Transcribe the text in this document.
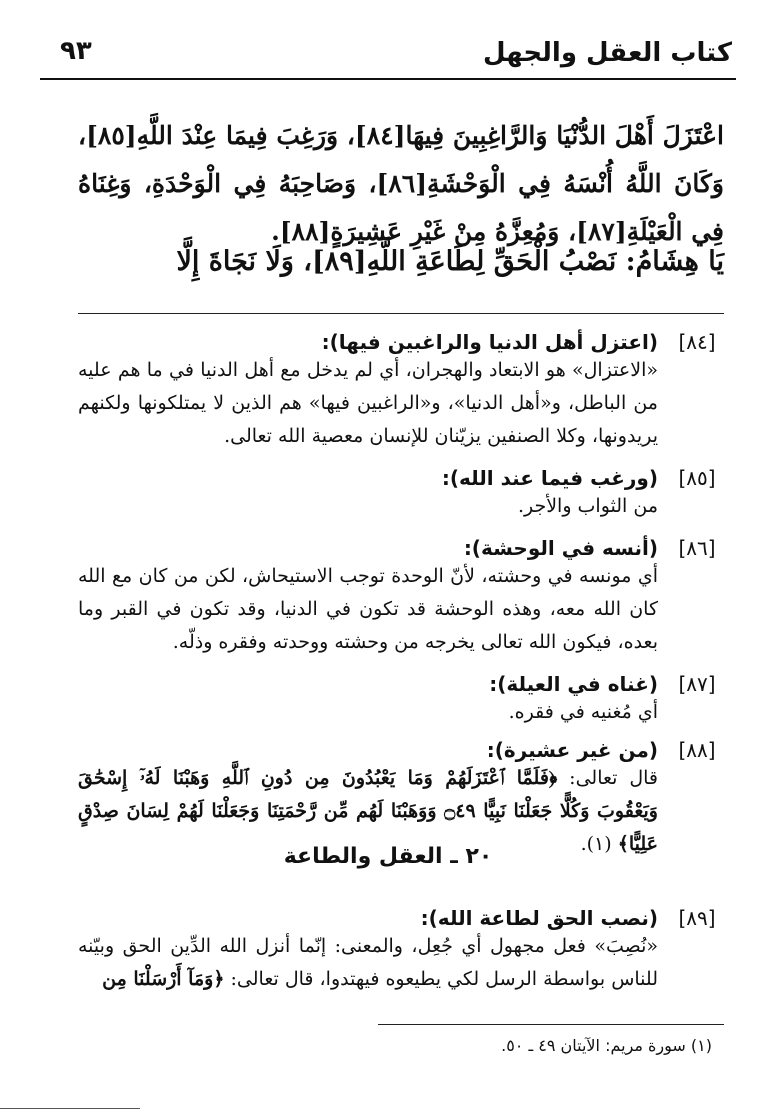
كتاب العقل والجهل
٩٣
اعْتَزَلَ أَهْلَ الدُّنْيَا وَالرَّاغِبِينَ فِيهَا[٨٤]، وَرَغِبَ فِيمَا عِنْدَ اللَّهِ[٨٥]، وَكَانَ اللَّهُ أُنْسَهُ فِي الْوَحْشَةِ[٨٦]، وَصَاحِبَهُ فِي الْوَحْدَةِ، وَغِنَاهُ فِي الْعَيْلَةِ[٨٧]، وَمُعِزَّهُ مِنْ غَيْرِ عَشِيرَةٍ[٨٨].
يَا هِشَامُ: نَصْبُ الْحَقِّ لِطَاعَةِ اللَّهِ[٨٩]، وَلَا نَجَاةَ إِلَّا
[٨٤]
(اعتزل أهل الدنيا والراغبين فيها):
«الاعتزال» هو الابتعاد والهجران، أي لم يدخل مع أهل الدنيا في ما هم عليه من الباطل، و«أهل الدنيا»، و«الراغبين فيها» هم الذين لا يمتلكونها ولكنهم يريدونها، وكلا الصنفين يزيّنان للإنسان معصية الله تعالى.
[٨٥]
(ورغب فيما عند الله):
من الثواب والأجر.
[٨٦]
(أنسه في الوحشة):
أي مونسه في وحشته، لأنّ الوحدة توجب الاستيحاش، لكن من كان مع الله كان الله معه، وهذه الوحشة قد تكون في الدنيا، وقد تكون في القبر وما بعده، فيكون الله تعالى يخرجه من وحشته ووحدته وفقره وذلّه.
[٨٧]
(غناه في العيلة):
أي مُغنيه في فقره.
[٨٨]
(من غير عشيرة):
قال تعالى: ﴿فَلَمَّا ٱعْتَزَلَهُمْ وَمَا يَعْبُدُونَ مِن دُونِ ٱللَّهِ وَهَبْنَا لَهُۥٓ إِسْحَٰقَ وَيَعْقُوبَ وَكُلًّا جَعَلْنَا نَبِيًّا ۝٤٩ وَوَهَبْنَا لَهُم مِّن رَّحْمَتِنَا وَجَعَلْنَا لَهُمْ لِسَانَ صِدْقٍ عَلِيًّا﴾ (١).
٢٠ ـ العقل والطاعة
[٨٩]
(نصب الحق لطاعة الله):
«نُصِبَ» فعل مجهول أي جُعِل، والمعنى: إنّما أنزل الله الدِّين الحق وبيّنه للناس بواسطة الرسل لكي يطيعوه فيهتدوا، قال تعالى: ﴿وَمَآ أَرْسَلْنَا مِن
(١) سورة مريم: الآيتان ٤٩ ـ ٥٠.
